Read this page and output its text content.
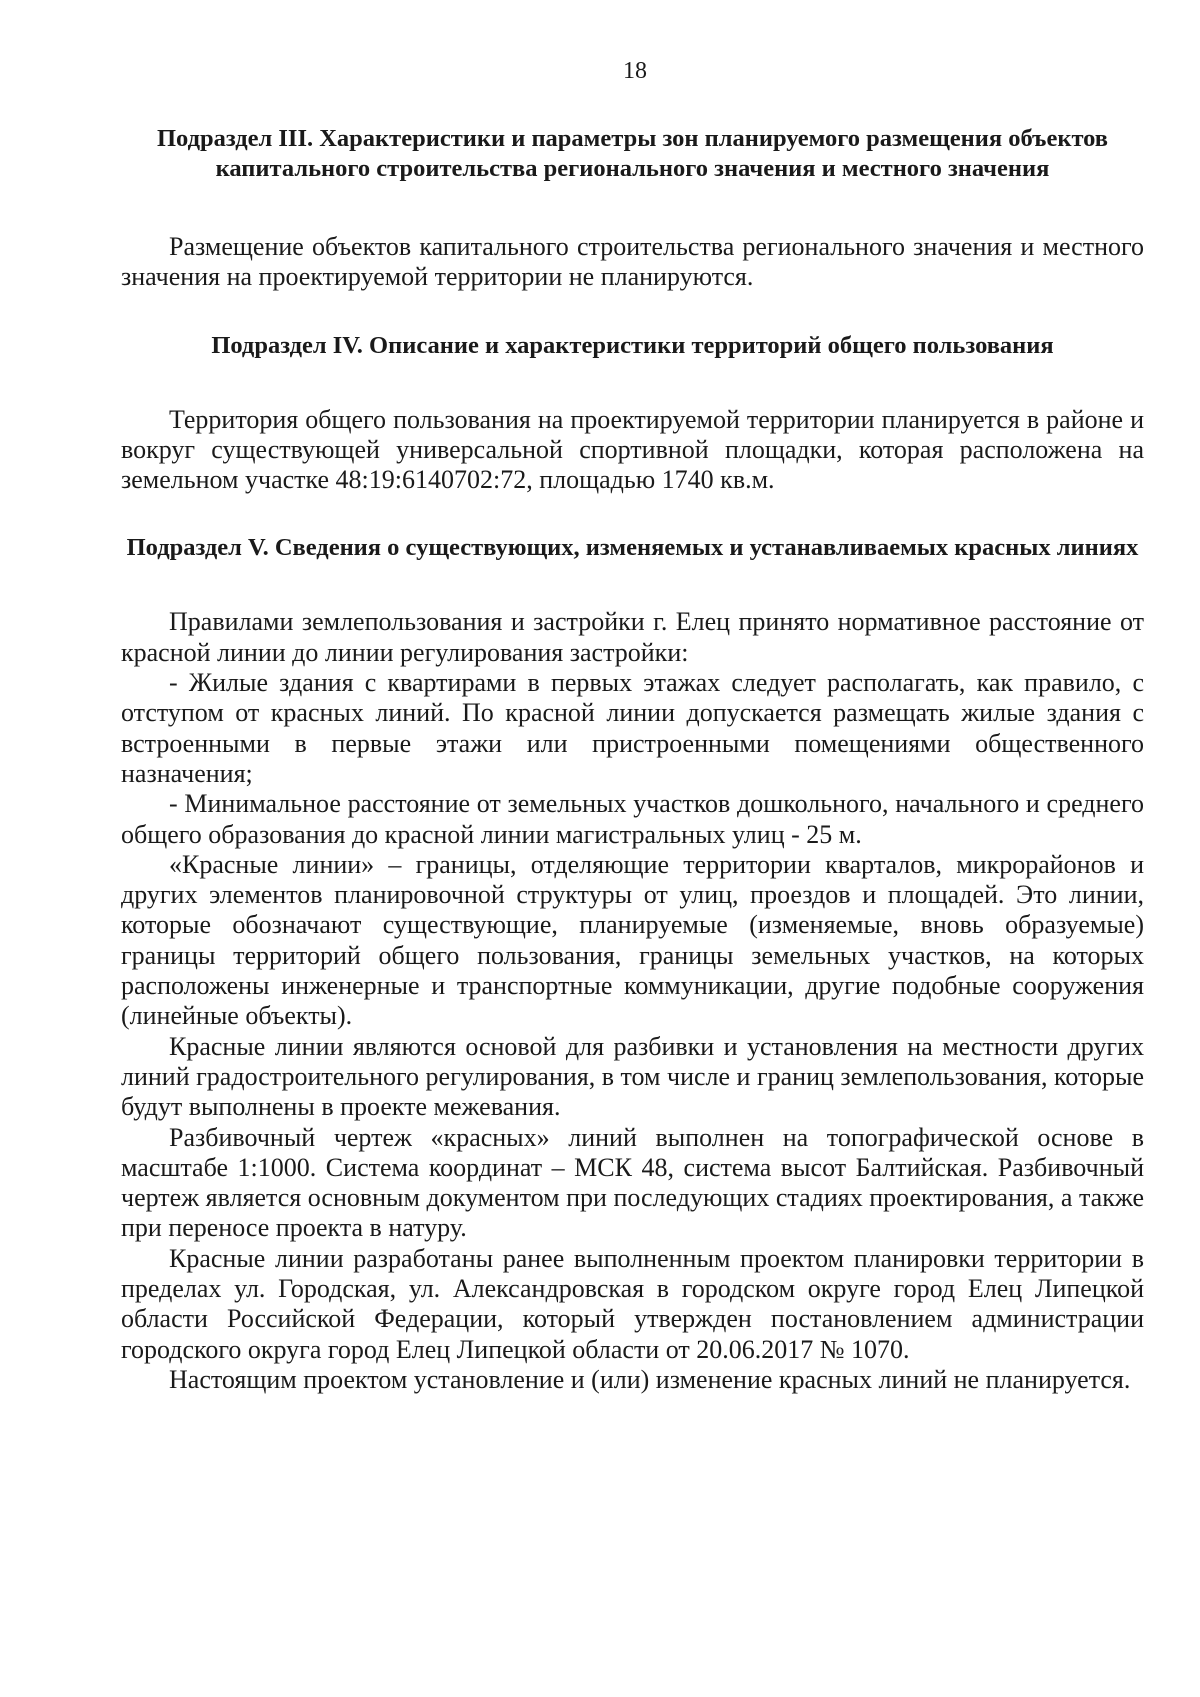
18

Подраздел III. Характеристики и параметры зон планируемого размещения объектов капитального строительства регионального значения и местного значения

Размещение объектов капитального строительства регионального значения и местного значения на проектируемой территории не планируются.

Подраздел IV. Описание и характеристики территорий общего пользования

Территория общего пользования на проектируемой территории планируется в районе и вокруг существующей универсальной спортивной площадки, которая расположена на земельном участке 48:19:6140702:72, площадью 1740 кв.м.

Подраздел V. Сведения о существующих, изменяемых и устанавливаемых красных линиях

Правилами землепользования и застройки г. Елец принято нормативное расстояние от красной линии до линии регулирования застройки:

- Жилые здания с квартирами в первых этажах следует располагать, как правило, с отступом от красных линий. По красной линии допускается размещать жилые здания с встроенными в первые этажи или пристроенными помещениями общественного назначения;

- Минимальное расстояние от земельных участков дошкольного, начального и среднего общего образования до красной линии магистральных улиц - 25 м.

«Красные линии» – границы, отделяющие территории кварталов, микрорайонов и других элементов планировочной структуры от улиц, проездов и площадей. Это линии, которые обозначают существующие, планируемые (изменяемые, вновь образуемые) границы территорий общего пользования, границы земельных участков, на которых расположены инженерные и транспортные коммуникации, другие подобные сооружения (линейные объекты).

Красные линии являются основой для разбивки и установления на местности других линий градостроительного регулирования, в том числе и границ землепользования, которые будут выполнены в проекте межевания.

Разбивочный чертеж «красных» линий выполнен на топографической основе в масштабе 1:1000. Система координат – МСК 48, система высот Балтийская. Разбивочный чертеж является основным документом при последующих стадиях проектирования, а также при переносе проекта в натуру.

Красные линии разработаны ранее выполненным проектом планировки территории в пределах ул. Городская, ул. Александровская в городском округе город Елец Липецкой области Российской Федерации, который утвержден постановлением администрации городского округа город Елец Липецкой области от 20.06.2017 № 1070.

Настоящим проектом установление и (или) изменение красных линий не планируется.
